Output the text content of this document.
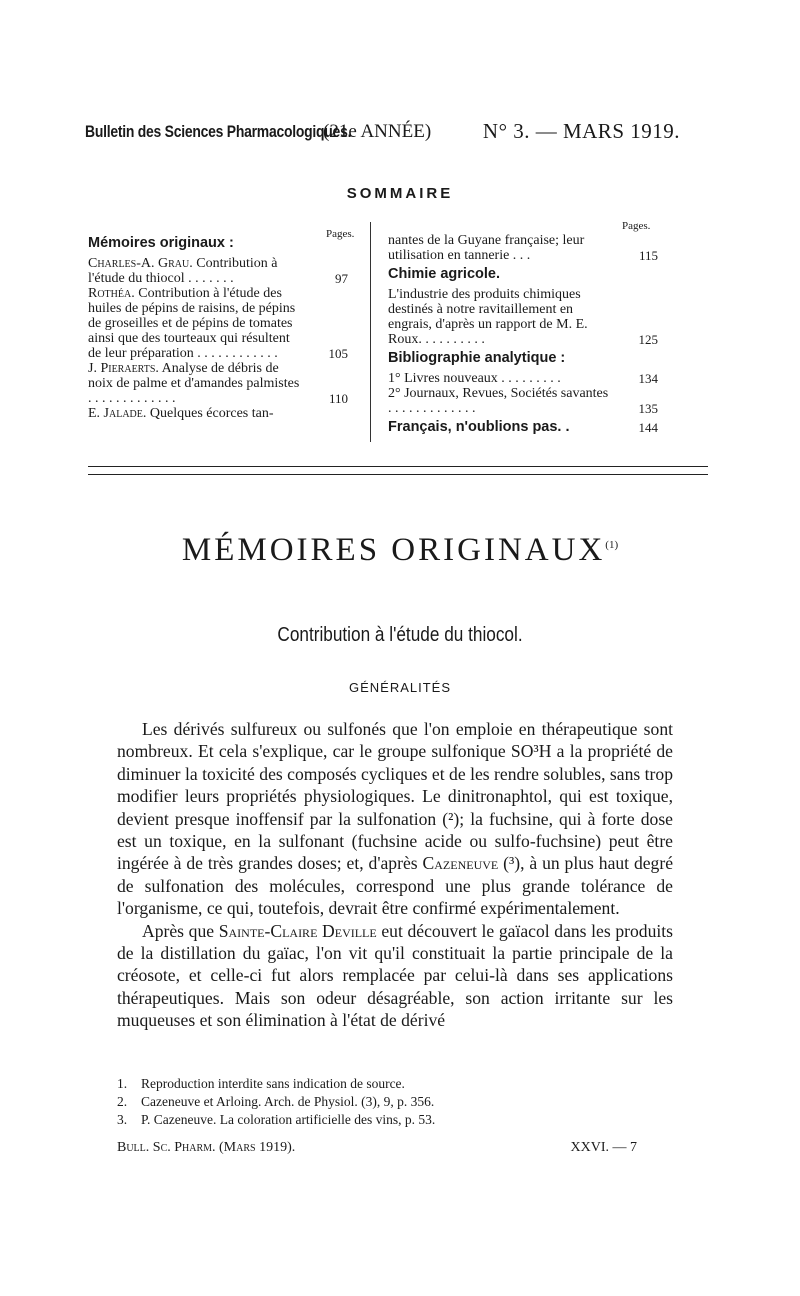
Bulletin des Sciences Pharmacologiques.
(21e ANNÉE) N° 3. — MARS 1919.
SOMMAIRE
Pages.
Mémoires originaux :
Charles-A. Grau. Contribution à l'étude du thiocol . . . . . . .	97
Rothéa. Contribution à l'étude des huiles de pépins de raisins, de pépins de groseilles et de pépins de tomates ainsi que des tourteaux qui résultent de leur préparation . . . . . . . . . . . .	105
J. Pieraerts. Analyse de débris de noix de palme et d'amandes palmistes . . . . . . . . . . . . .	110
E. Jalade. Quelques écorces tan-
Pages.
nantes de la Guyane française; leur utilisation en tannerie . . .	115
Chimie agricole.
L'industrie des produits chimiques destinés à notre ravitaillement en engrais, d'après un rapport de M. E. Roux. . . . . . . . . .	125
Bibliographie analytique :
1° Livres nouveaux . . . . . . . . .	134
2° Journaux, Revues, Sociétés savantes . . . . . . . . . . . . .	135
Français, n'oublions pas. .	144
MÉMOIRES ORIGINAUX$^{(1)}$
Contribution à l'étude du thiocol.
GÉNÉRALITÉS

Les dérivés sulfureux ou sulfonés que l'on emploie en thérapeutique sont nombreux. Et cela s'explique, car le groupe sulfonique SO³H a la propriété de diminuer la toxicité des composés cycliques et de les rendre solubles, sans trop modifier leurs propriétés physiologiques. Le dinitronaphtol, qui est toxique, devient presque inoffensif par la sulfonation (²); la fuchsine, qui à forte dose est un toxique, en la sulfonant (fuchsine acide ou sulfo-fuchsine) peut être ingérée à de très grandes doses; et, d'après Cazeneuve (³), à un plus haut degré de sulfonation des molécules, correspond une plus grande tolérance de l'organisme, ce qui, toutefois, devrait être confirmé expérimentalement.

Après que Sainte-Claire Deville eut découvert le gaïacol dans les produits de la distillation du gaïac, l'on vit qu'il constituait la partie principale de la créosote, et celle-ci fut alors remplacée par celui-là dans ses applications thérapeutiques. Mais son odeur désagréable, son action irritante sur les muqueuses et son élimination à l'état de dérivé

1. Reproduction interdite sans indication de source.
2. Cazeneuve et Arloing. Arch. de Physiol. (3), 9, p. 356.
3. P. Cazeneuve. La coloration artificielle des vins, p. 53.
Bull. Sc. Pharm. (Mars 1919).	XXVI. — 7
